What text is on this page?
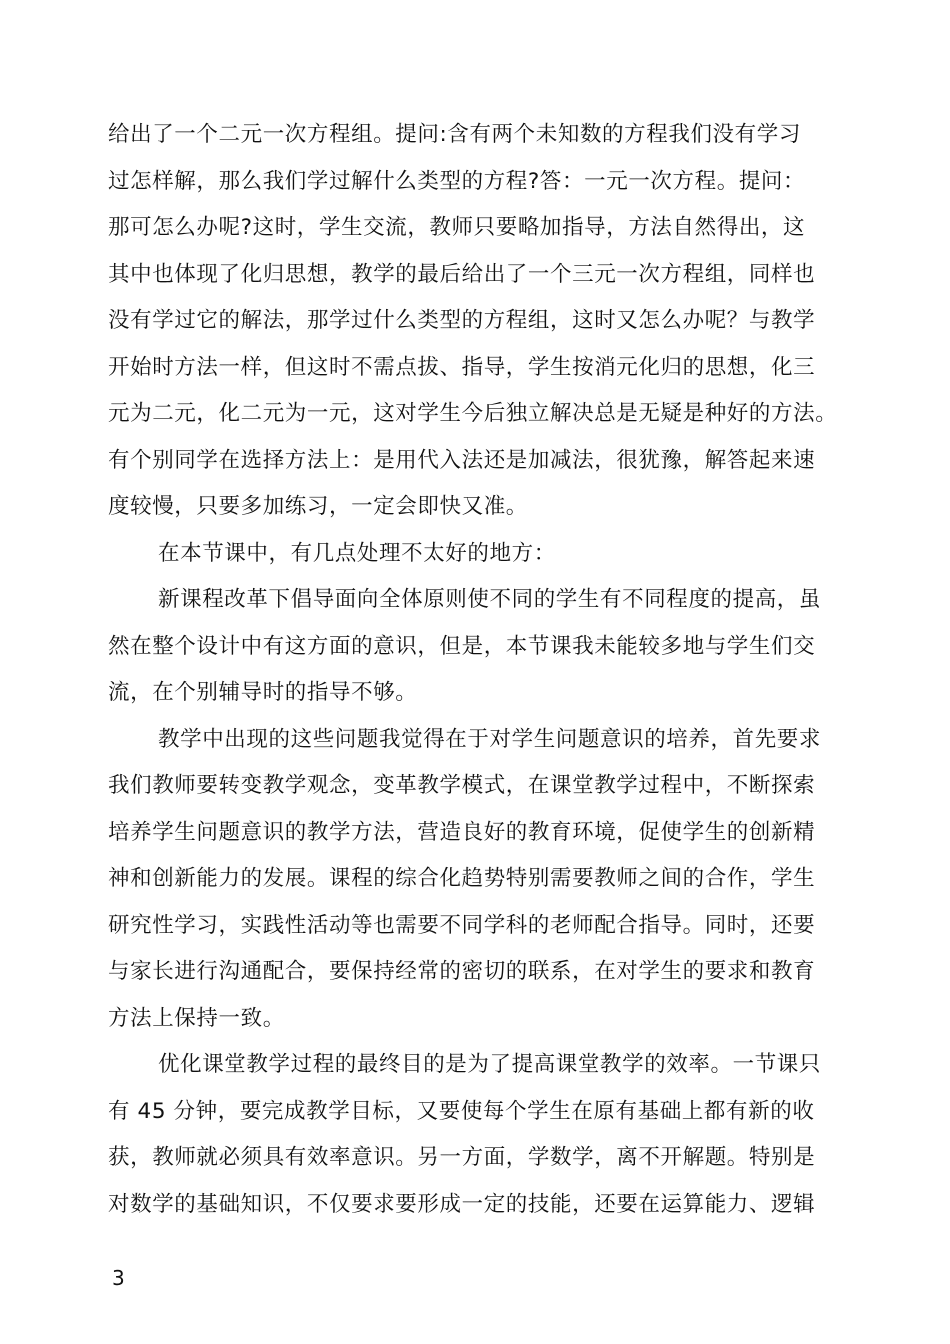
给出了一个二元一次方程组。提问:含有两个未知数的方程我们没有学习
过怎样解，那么我们学过解什么类型的方程?答：一元一次方程。提问：
那可怎么办呢?这时，学生交流，教师只要略加指导，方法自然得出，这
其中也体现了化归思想，教学的最后给出了一个三元一次方程组，同样也
没有学过它的解法，那学过什么类型的方程组，这时又怎么办呢？与教学
开始时方法一样，但这时不需点拔、指导，学生按消元化归的思想，化三
元为二元，化二元为一元，这对学生今后独立解决总是无疑是种好的方法。
有个别同学在选择方法上：是用代入法还是加减法，很犹豫，解答起来速
度较慢，只要多加练习，一定会即快又准。
在本节课中，有几点处理不太好的地方：
新课程改革下倡导面向全体原则使不同的学生有不同程度的提高，虽
然在整个设计中有这方面的意识，但是，本节课我未能较多地与学生们交
流，在个别辅导时的指导不够。
教学中出现的这些问题我觉得在于对学生问题意识的培养，首先要求
我们教师要转变教学观念，变革教学模式，在课堂教学过程中，不断探索
培养学生问题意识的教学方法，营造良好的教育环境，促使学生的创新精
神和创新能力的发展。课程的综合化趋势特别需要教师之间的合作，学生
研究性学习，实践性活动等也需要不同学科的老师配合指导。同时，还要
与家长进行沟通配合，要保持经常的密切的联系，在对学生的要求和教育
方法上保持一致。
优化课堂教学过程的最终目的是为了提高课堂教学的效率。一节课只
有 45 分钟，要完成教学目标，又要使每个学生在原有基础上都有新的收
获，教师就必须具有效率意识。另一方面，学数学，离不开解题。特别是
对数学的基础知识，不仅要求要形成一定的技能，还要在运算能力、逻辑
3
